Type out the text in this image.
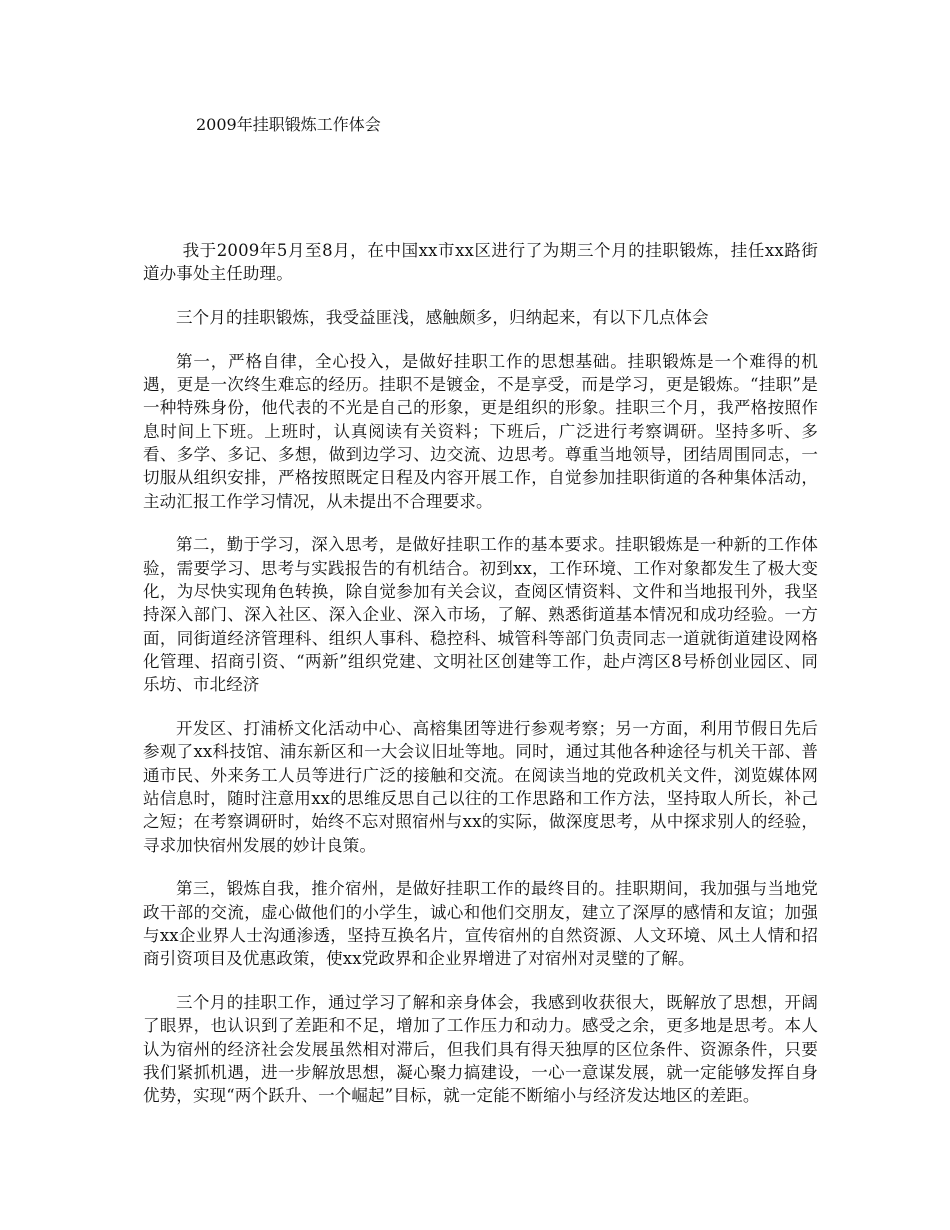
2009年挂职锻炼工作体会

我于2009年5月至8月，在中国xx市xx区进行了为期三个月的挂职锻炼，挂任xx路街道办事处主任助理。

三个月的挂职锻炼，我受益匪浅，感触颇多，归纳起来，有以下几点体会

第一，严格自律，全心投入，是做好挂职工作的思想基础。挂职锻炼是一个难得的机遇，更是一次终生难忘的经历。挂职不是镀金，不是享受，而是学习，更是锻炼。“挂职”是一种特殊身份，他代表的不光是自己的形象，更是组织的形象。挂职三个月，我严格按照作息时间上下班。上班时，认真阅读有关资料；下班后，广泛进行考察调研。坚持多听、多看、多学、多记、多想，做到边学习、边交流、边思考。尊重当地领导，团结周围同志，一切服从组织安排，严格按照既定日程及内容开展工作，自觉参加挂职街道的各种集体活动，主动汇报工作学习情况，从未提出不合理要求。

第二，勤于学习，深入思考，是做好挂职工作的基本要求。挂职锻炼是一种新的工作体验，需要学习、思考与实践报告的有机结合。初到xx，工作环境、工作对象都发生了极大变化，为尽快实现角色转换，除自觉参加有关会议，查阅区情资料、文件和当地报刊外，我坚持深入部门、深入社区、深入企业、深入市场，了解、熟悉街道基本情况和成功经验。一方面，同街道经济管理科、组织人事科、稳控科、城管科等部门负责同志一道就街道建设网格化管理、招商引资、“两新”组织党建、文明社区创建等工作，赴卢湾区8号桥创业园区、同乐坊、市北经济

开发区、打浦桥文化活动中心、高榕集团等进行参观考察；另一方面，利用节假日先后参观了xx科技馆、浦东新区和一大会议旧址等地。同时，通过其他各种途径与机关干部、普通市民、外来务工人员等进行广泛的接触和交流。在阅读当地的党政机关文件，浏览媒体网站信息时，随时注意用xx的思维反思自己以往的工作思路和工作方法，坚持取人所长，补己之短；在考察调研时，始终不忘对照宿州与xx的实际，做深度思考，从中探求别人的经验，寻求加快宿州发展的妙计良策。

第三，锻炼自我，推介宿州，是做好挂职工作的最终目的。挂职期间，我加强与当地党政干部的交流，虚心做他们的小学生，诚心和他们交朋友，建立了深厚的感情和友谊；加强与xx企业界人士沟通渗透，坚持互换名片，宣传宿州的自然资源、人文环境、风土人情和招商引资项目及优惠政策，使xx党政界和企业界增进了对宿州对灵璧的了解。

三个月的挂职工作，通过学习了解和亲身体会，我感到收获很大，既解放了思想，开阔了眼界，也认识到了差距和不足，增加了工作压力和动力。感受之余，更多地是思考。本人认为宿州的经济社会发展虽然相对滞后，但我们具有得天独厚的区位条件、资源条件，只要我们紧抓机遇，进一步解放思想，凝心聚力搞建设，一心一意谋发展，就一定能够发挥自身优势，实现“两个跃升、一个崛起”目标，就一定能不断缩小与经济发达地区的差距。
